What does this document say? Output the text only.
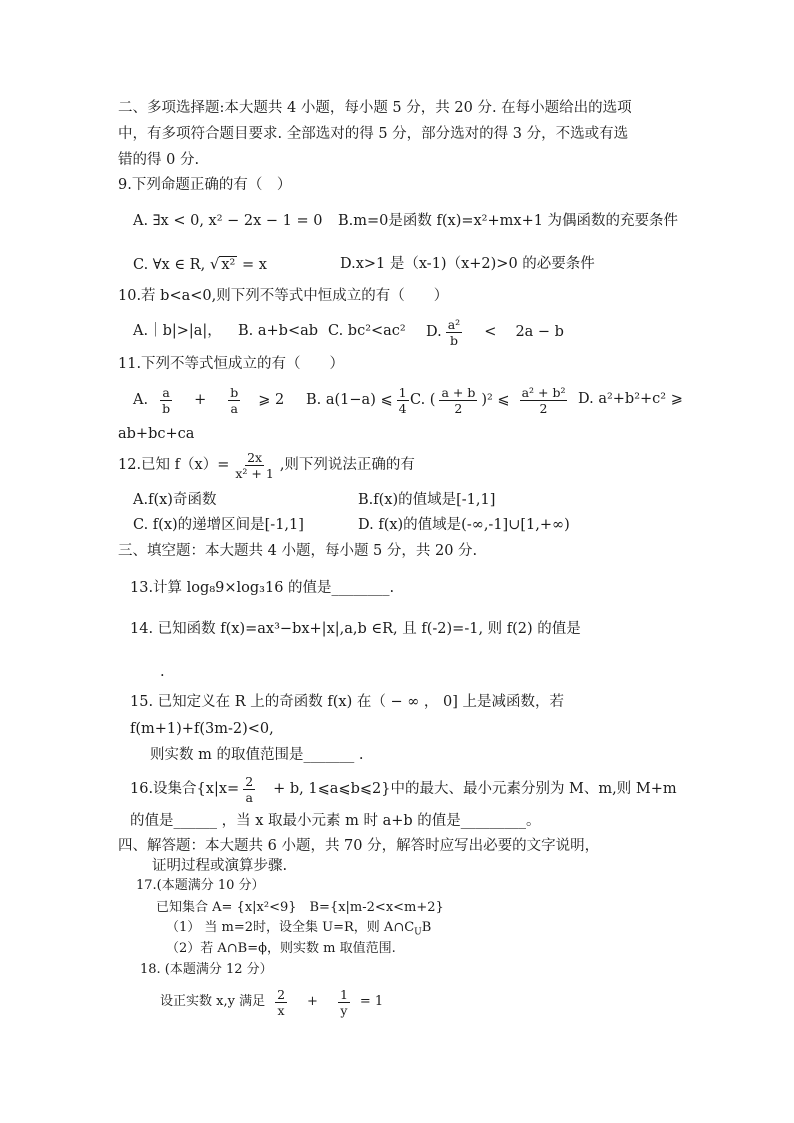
二、多项选择题:本大题共 4 小题，每小题 5 分，共 20 分. 在每小题给出的选项
中，有多项符合题目要求. 全部选对的得 5 分，部分选对的得 3 分，不选或有选
错的得 0 分.
9.下列命题正确的有（　）
A. ∃x < 0, x² − 2x − 1 = 0 B.m=0是函数 f(x)=x²+mx+1 为偶函数的充要条件
C. ∀x ∈ R, √ x² = x	D.x>1 是（x-1)（x+2)>0 的必要条件
10.若 b<a<0,则下列不等式中恒成立的有（　　）
A.｜b|>|a|， B. a+b<ab C. bc²<ac² D. $\frac{\text{a²}}{b}$ <　 2a − b
11.下列不等式恒成立的有（　　）
A. $\frac{a}{b} + \frac{b}{a}$ ⩾ 2 B. a(1−a) ⩽ $\frac{1}{4} C$. ( $\frac{a + b}{2} )^2$ ⩽ $\frac{\text{a² + b²}}{2} D$. a²+b²+c² ⩾
ab+bc+ca
12.已知 $f(x)= \frac{2x}{\text{x² + 1}}$ ,则下列说法正确的有
A.f(x)奇函数	B.f(x)的值域是[-1,1]
C. f(x)的递增区间是[-1,1]	D. f(x)的值域是(-∞,-1]∪[1,+∞)
三、填空题：本大题共 4 小题，每小题 5 分，共 20 分.
13.计算 log₈9×log₃16 的值是________.
14. 已知函数 f(x)=ax³−bx+|x|,a,b ∈R, 且 f(-2)=-1, 则 f(2) 的值是
.
15. 已知定义在 R 上的奇函数 f(x) 在（ − ∞ ， 0] 上是减函数，若
f(m+1)+f(3m-2)<0,
则实数 m 的取值范围是_______ .
16.设集合{$x|x= \frac{2}{a} + b$, 1⩽a⩽b⩽2}中的最大、最小元素分别为 M、m,则 M+m
的值是______ ，当 x 取最小元素 m 时 a+b 的值是_________。
四、解答题：本大题共 6 小题，共 70 分，解答时应写出必要的文字说明，
证明过程或演算步骤.
17.(本题满分 10 分）
已知集合 A= {x|x²<9}　B={x|m-2<x<m+2}
（1） 当 m=2时，设全集 U=R，则 $A\cap C_UB$
（2）若 A∩B=ϕ，则实数 m 取值范围.
18. (本题满分 12 分）
设正实数 x,y 满足 $\frac{2}{x} + \frac{1}{y} = 1$
